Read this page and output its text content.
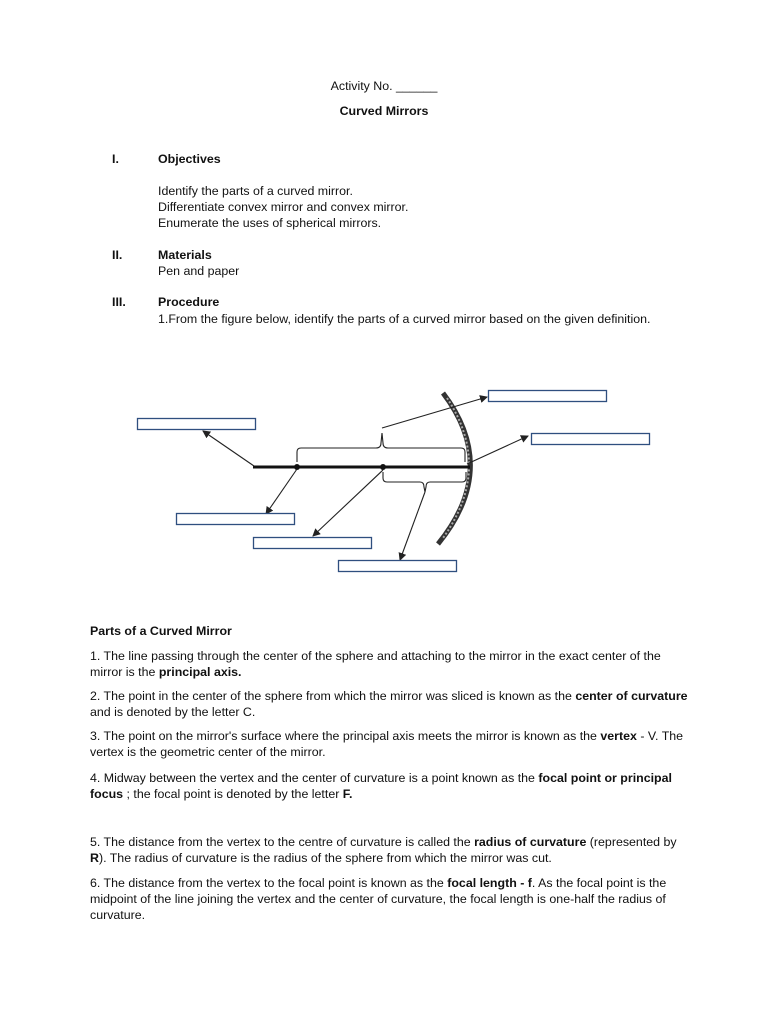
Activity No. ______
Curved Mirrors
I.	Objectives
Identify the parts of a curved mirror.
Differentiate convex mirror and convex mirror.
Enumerate the uses of spherical mirrors.
II.	Materials
Pen and paper
III.	Procedure
1.From the figure below, identify the parts of a curved mirror based on the given definition.
Parts of a Curved Mirror

1. The line passing through the center of the sphere and attaching to the mirror in the exact center of the mirror is the principal axis.

2. The point in the center of the sphere from which the mirror was sliced is known as the center of curvature and is denoted by the letter C.

3. The point on the mirror's surface where the principal axis meets the mirror is known as the vertex - V. The vertex is the geometric center of the mirror.

4. Midway between the vertex and the center of curvature is a point known as the focal point or principal focus ; the focal point is denoted by the letter F.

5. The distance from the vertex to the centre of curvature is called the radius of curvature (represented by R). The radius of curvature is the radius of the sphere from which the mirror was cut.

6. The distance from the vertex to the focal point is known as the focal length - f. As the focal point is the midpoint of the line joining the vertex and the center of curvature, the focal length is one-half the radius of curvature.
